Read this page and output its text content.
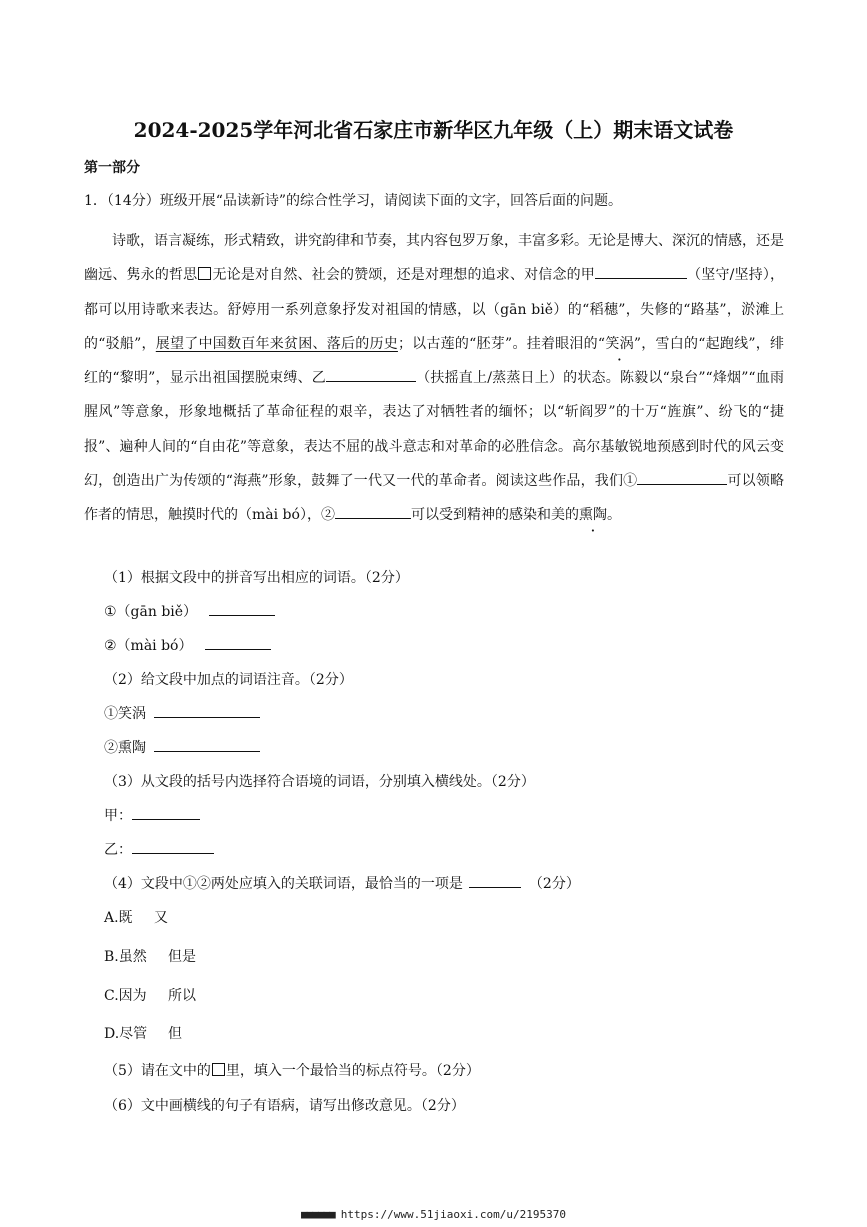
2024-2025学年河北省石家庄市新华区九年级（上）期末语文试卷
第一部分
1．（14分）班级开展“品读新诗”的综合性学习，请阅读下面的文字，回答后面的问题。
诗歌，语言凝练，形式精致，讲究韵律和节奏，其内容包罗万象，丰富多彩。无论是博大、深沉的情感，还是幽远、隽永的哲思 无论是对自然、社会的赞颂，还是对理想的追求、对信念的甲	（坚守/坚持），都可以用诗歌来表达。舒婷用一系列意象抒发对祖国的情感，以（gān biě）的“稻穗”，失修的“路基”，淤滩上的“驳船”，展望了中国数百年来贫困、落后的历史；以古莲的“胚芽”。挂着眼泪的“笑涡”，雪白的“起跑线”，绯红的“黎明”，显示出祖国摆脱束缚、乙	（扶摇直上/蒸蒸日上）的状态。陈毅以“泉台”“烽烟”“血雨腥风”等意象，形象地概括了革命征程的艰辛，表达了对牺牲者的缅怀；以“斩阎罗”的十万“旌旗”、纷飞的“捷报”、遍种人间的“自由花”等意象，表达不屈的战斗意志和对革命的必胜信念。高尔基敏锐地预感到时代的风云变幻，创造出广为传颂的“海燕”形象，鼓舞了一代又一代的革命者。阅读这些作品，我们①	可以领略作者的情思，触摸时代的（mài bó），②	可以受到精神的感染和美的熏陶。
（1）根据文段中的拼音写出相应的词语。（2分）
①（gān biě）
②（mài bó）
（2）给文段中加点的词语注音。（2分）
①笑涡
②熏陶
（3）从文段的括号内选择符合语境的词语，分别填入横线处。（2分）
甲：
乙：
（4）文段中①②两处应填入的关联词语，最恰当的一项是	（2分）
A.既 又
B.虽然 但是
C.因为 所以
D.尽管 但
（5）请在文中的 里，填入一个最恰当的标点符号。（2分）
（6）文中画横线的句子有语病，请写出修改意见。（2分）
■■■■■■ https://www.51jiaoxi.com/u/2195370
